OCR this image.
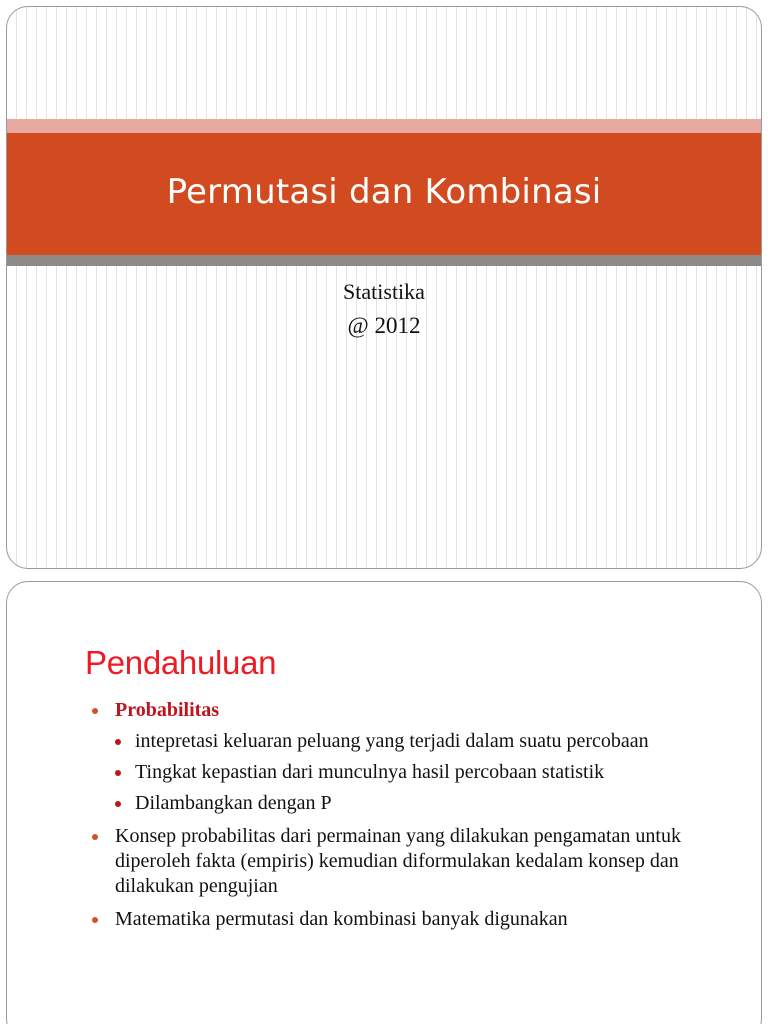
Permutasi dan Kombinasi
Statistika
@ 2012
Pendahuluan
Probabilitas
intepretasi keluaran peluang yang terjadi dalam suatu percobaan
Tingkat kepastian dari munculnya hasil percobaan statistik
Dilambangkan dengan P
Konsep probabilitas dari permainan yang dilakukan pengamatan untuk diperoleh fakta (empiris) kemudian diformulakan kedalam konsep dan dilakukan pengujian
Matematika permutasi dan kombinasi banyak digunakan
